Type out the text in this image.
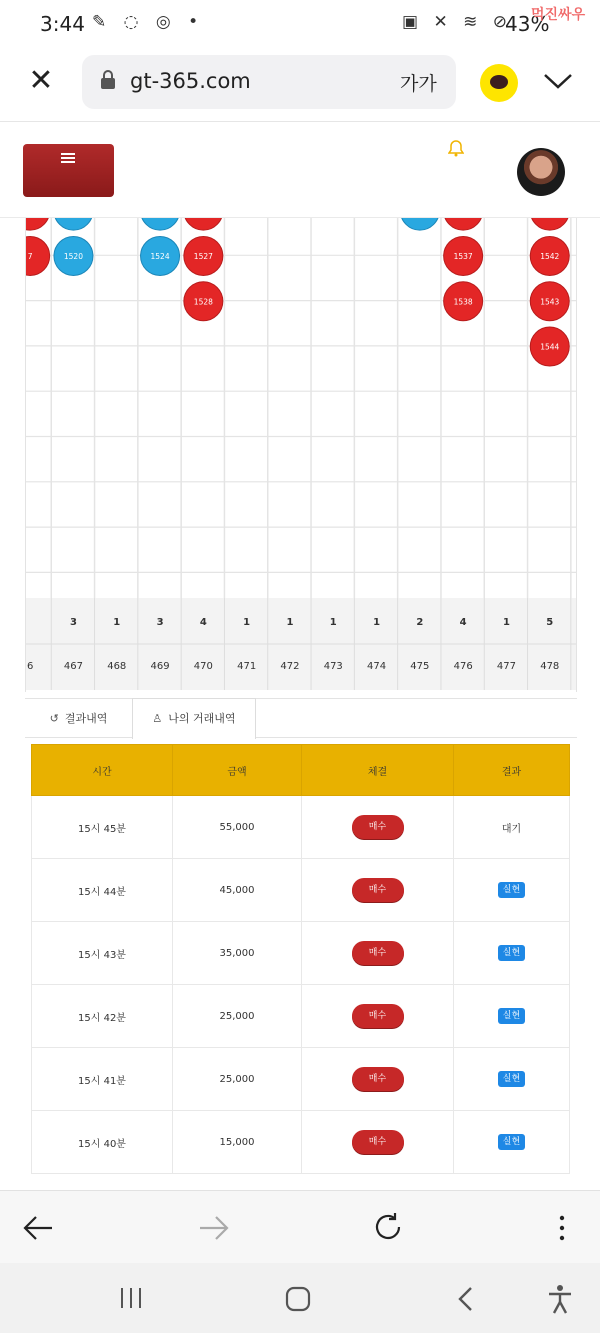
3:44 ✎ ◌ ◎ •	▣ ✕ ≋ ⊘
43%
먹진싸우
✕	gt-365.com	가가
7	1520	1524	1527	1537	1542
1528	1538	1543
1544
3	1	3	4	1	1	1	1	2	4	1	5
6	467 468 469 470 471 472 473 474 475 476 477 478
↺ 결과내역	♙ 나의 거래내역
시간	금액	체결	결과
15시 45분	55,000	매수	대기
15시 44분	45,000	매수	실현
15시 43분	35,000	매수	실현
15시 42분	25,000	매수	실현
15시 41분	25,000	매수	실현
15시 40분	15,000	매수	실현
